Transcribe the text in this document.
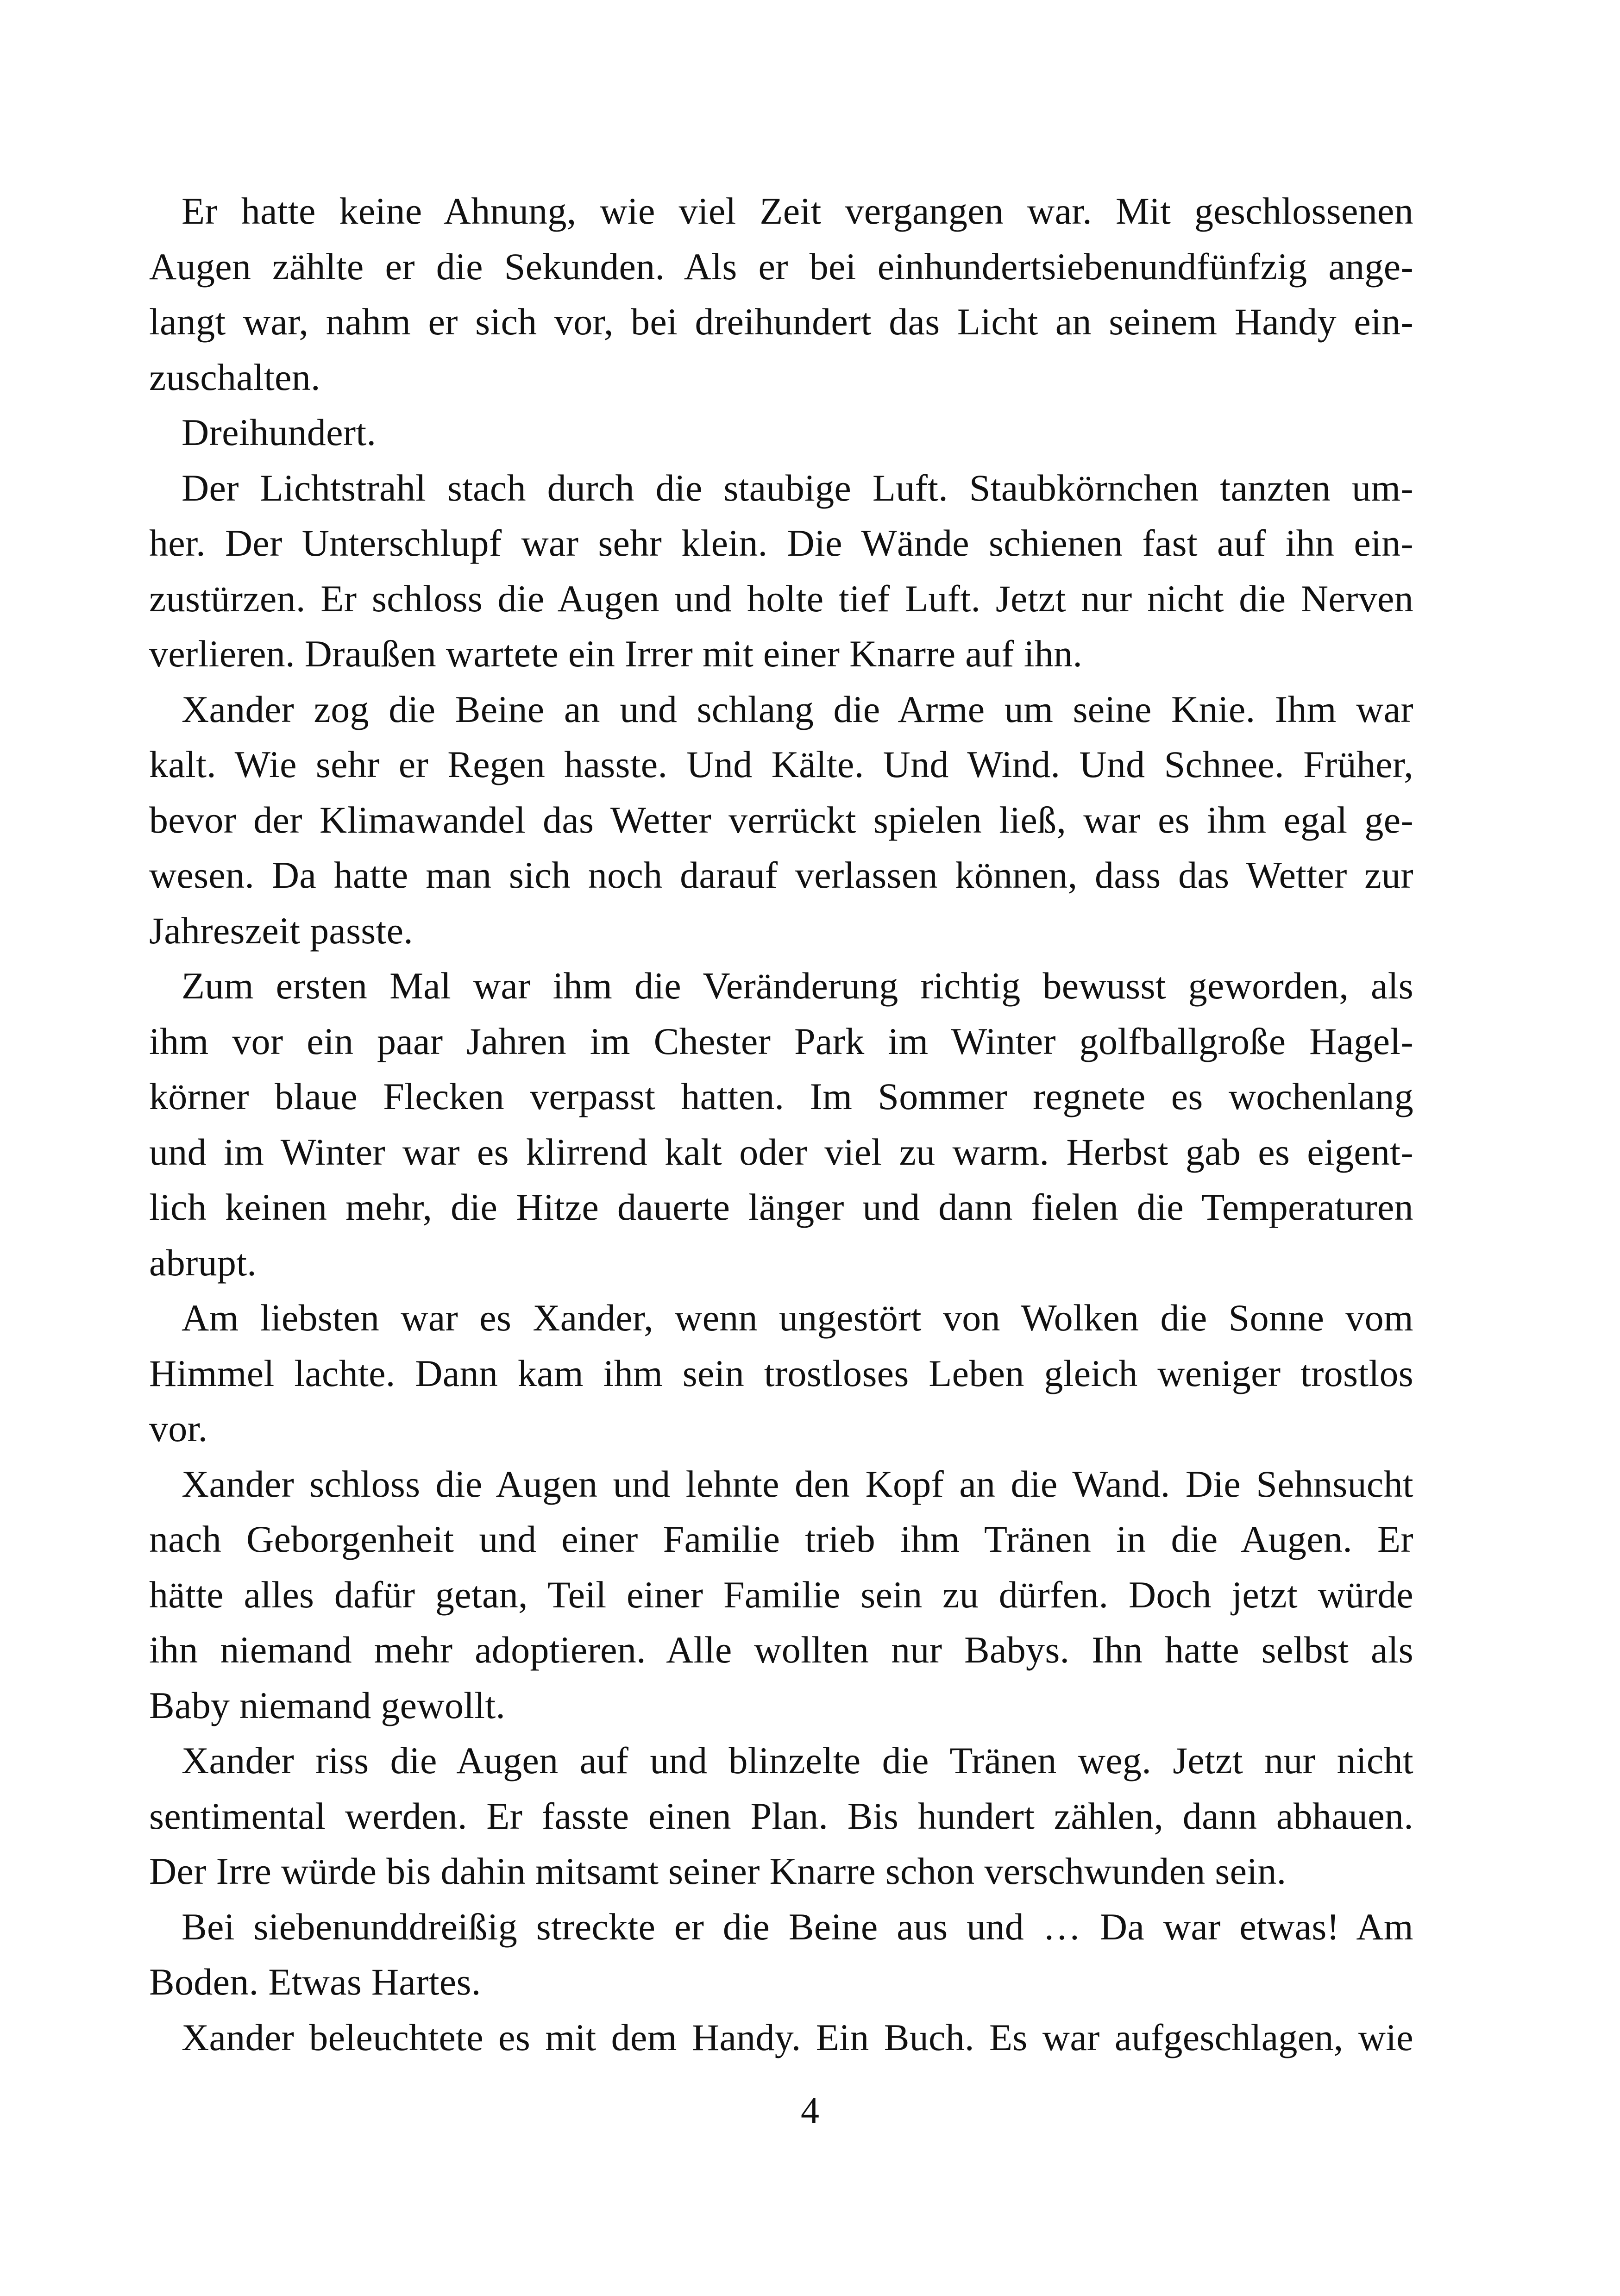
Er hatte keine Ahnung, wie viel Zeit vergangen war. Mit geschlossenen
Augen zählte er die Sekunden. Als er bei einhundertsiebenundfünfzig ange-
langt war, nahm er sich vor, bei dreihundert das Licht an seinem Handy ein-
zuschalten.
Dreihundert.
Der Lichtstrahl stach durch die staubige Luft. Staubkörnchen tanzten um-
her. Der Unterschlupf war sehr klein. Die Wände schienen fast auf ihn ein-
zustürzen. Er schloss die Augen und holte tief Luft. Jetzt nur nicht die Nerven
verlieren. Draußen wartete ein Irrer mit einer Knarre auf ihn.
Xander zog die Beine an und schlang die Arme um seine Knie. Ihm war
kalt. Wie sehr er Regen hasste. Und Kälte. Und Wind. Und Schnee. Früher,
bevor der Klimawandel das Wetter verrückt spielen ließ, war es ihm egal ge-
wesen. Da hatte man sich noch darauf verlassen können, dass das Wetter zur
Jahreszeit passte.
Zum ersten Mal war ihm die Veränderung richtig bewusst geworden, als
ihm vor ein paar Jahren im Chester Park im Winter golfballgroße Hagel-
körner blaue Flecken verpasst hatten. Im Sommer regnete es wochenlang
und im Winter war es klirrend kalt oder viel zu warm. Herbst gab es eigent-
lich keinen mehr, die Hitze dauerte länger und dann fielen die Temperaturen
abrupt.
Am liebsten war es Xander, wenn ungestört von Wolken die Sonne vom
Himmel lachte. Dann kam ihm sein trostloses Leben gleich weniger trostlos
vor.
Xander schloss die Augen und lehnte den Kopf an die Wand. Die Sehnsucht
nach Geborgenheit und einer Familie trieb ihm Tränen in die Augen. Er
hätte alles dafür getan, Teil einer Familie sein zu dürfen. Doch jetzt würde
ihn niemand mehr adoptieren. Alle wollten nur Babys. Ihn hatte selbst als
Baby niemand gewollt.
Xander riss die Augen auf und blinzelte die Tränen weg. Jetzt nur nicht
sentimental werden. Er fasste einen Plan. Bis hundert zählen, dann abhauen.
Der Irre würde bis dahin mitsamt seiner Knarre schon verschwunden sein.
Bei siebenunddreißig streckte er die Beine aus und … Da war etwas! Am
Boden. Etwas Hartes.
Xander beleuchtete es mit dem Handy. Ein Buch. Es war aufgeschlagen, wie
4
